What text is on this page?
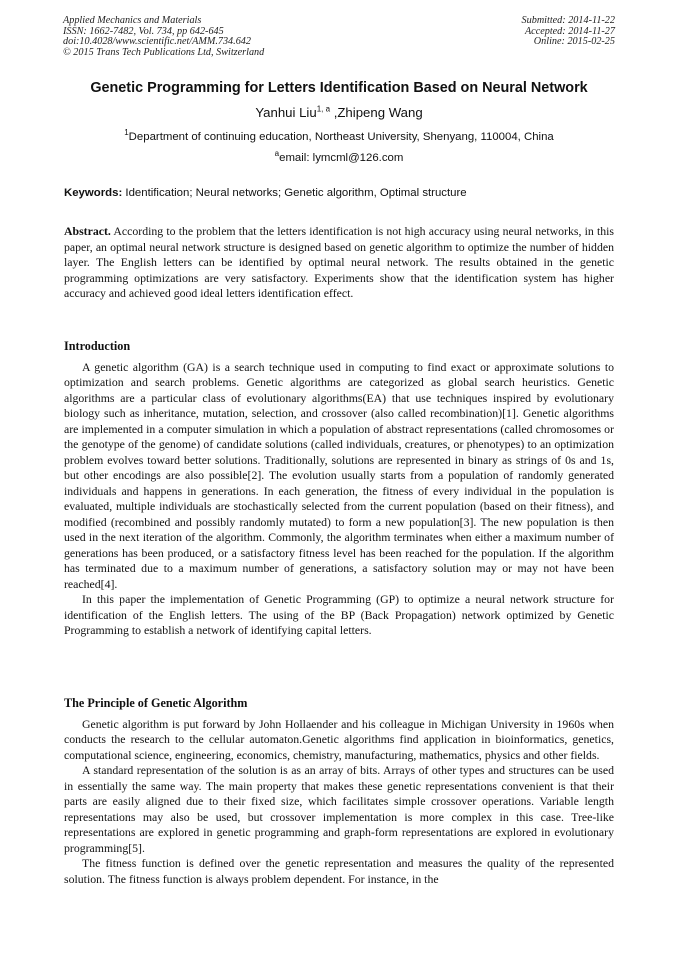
Applied Mechanics and Materials
ISSN: 1662-7482, Vol. 734, pp 642-645
doi:10.4028/www.scientific.net/AMM.734.642
© 2015 Trans Tech Publications Ltd, Switzerland
Submitted: 2014-11-22
Accepted: 2014-11-27
Online: 2015-02-25
Genetic Programming for Letters Identification Based on Neural Network
Yanhui Liu$^{1, a}$ ,Zhipeng Wang
$^1$Department of continuing education, Northeast University, Shenyang, 110004, China
$^a$email: lymcml@126.com
Keywords: Identification; Neural networks; Genetic algorithm, Optimal structure

Abstract. According to the problem that the letters identification is not high accuracy using neural networks, in this paper, an optimal neural network structure is designed based on genetic algorithm to optimize the number of hidden layer. The English letters can be identified by optimal neural network. The results obtained in the genetic programming optimizations are very satisfactory. Experiments show that the identification system has higher accuracy and achieved good ideal letters identification effect.

Introduction

A genetic algorithm (GA) is a search technique used in computing to find exact or approximate solutions to optimization and search problems. Genetic algorithms are categorized as global search heuristics. Genetic algorithms are a particular class of evolutionary algorithms(EA) that use techniques inspired by evolutionary biology such as inheritance, mutation, selection, and crossover (also called recombination)[1]. Genetic algorithms are implemented in a computer simulation in which a population of abstract representations (called chromosomes or the genotype of the genome) of candidate solutions (called individuals, creatures, or phenotypes) to an optimization problem evolves toward better solutions. Traditionally, solutions are represented in binary as strings of 0s and 1s, but other encodings are also possible[2]. The evolution usually starts from a population of randomly generated individuals and happens in generations. In each generation, the fitness of every individual in the population is evaluated, multiple individuals are stochastically selected from the current population (based on their fitness), and modified (recombined and possibly randomly mutated) to form a new population[3]. The new population is then used in the next iteration of the algorithm. Commonly, the algorithm terminates when either a maximum number of generations has been produced, or a satisfactory fitness level has been reached for the population. If the algorithm has terminated due to a maximum number of generations, a satisfactory solution may or may not have been reached[4].

In this paper the implementation of Genetic Programming (GP) to optimize a neural network structure for identification of the English letters. The using of the BP (Back Propagation) network optimized by Genetic Programming to establish a network of identifying capital letters.

The Principle of Genetic Algorithm

Genetic algorithm is put forward by John Hollaender and his colleague in Michigan University in 1960s when conducts the research to the cellular automaton.Genetic algorithms find application in bioinformatics, genetics, computational science, engineering, economics, chemistry, manufacturing, mathematics, physics and other fields.

A standard representation of the solution is as an array of bits. Arrays of other types and structures can be used in essentially the same way. The main property that makes these genetic representations convenient is that their parts are easily aligned due to their fixed size, which facilitates simple crossover operations. Variable length representations may also be used, but crossover implementation is more complex in this case. Tree-like representations are explored in genetic programming and graph-form representations are explored in evolutionary programming[5].

The fitness function is defined over the genetic representation and measures the quality of the represented solution. The fitness function is always problem dependent. For instance, in the
